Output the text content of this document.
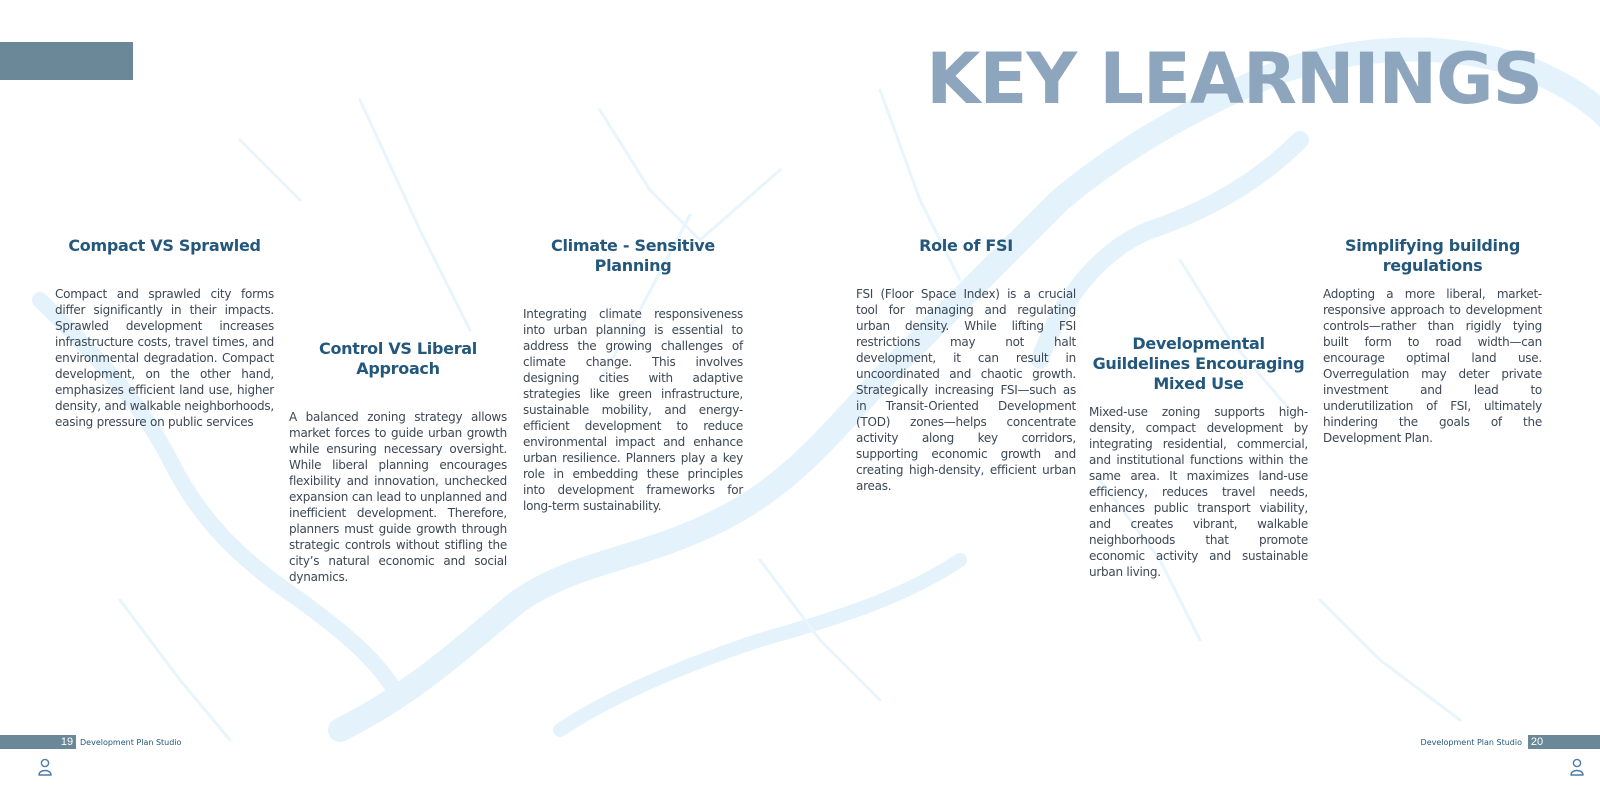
KEY LEARNINGS
Compact VS Sprawled

Compact and sprawled city forms differ significantly in their impacts. Sprawled development increases infrastructure costs, travel times, and environmental degradation. Compact development, on the other hand, emphasizes efficient land use, higher density, and walkable neighborhoods, easing pressure on public services

Control VS Liberal Approach

A balanced zoning strategy allows market forces to guide urban growth while ensuring necessary oversight. While liberal planning encourages flexibility and innovation, unchecked expansion can lead to unplanned and inefficient development. Therefore, planners must guide growth through strategic controls without stifling the city’s natural economic and social dynamics.

Climate - Sensitive Planning

Integrating climate responsiveness into urban planning is essential to address the growing challenges of climate change. This involves designing cities with adaptive strategies like green infrastructure, sustainable mobility, and energy-efficient development to reduce environmental impact and enhance urban resilience. Planners play a key role in embedding these principles into development frameworks for long-term sustainability.

Role of FSI

FSI (Floor Space Index) is a crucial tool for managing and regulating urban density. While lifting FSI restrictions may not halt development, it can result in uncoordinated and chaotic growth. Strategically increasing FSI—such as in Transit-Oriented Development (TOD) zones—helps concentrate activity along key corridors, supporting economic growth and creating high-density, efficient urban areas.

Developmental Guildelines Encouraging Mixed Use

Mixed-use zoning supports high-density, compact development by integrating residential, commercial, and institutional functions within the same area. It maximizes land-use efficiency, reduces travel needs, enhances public transport viability, and creates vibrant, walkable neighborhoods that promote economic activity and sustainable urban living.

Simplifying building regulations

Adopting a more liberal, market-responsive approach to development controls—rather than rigidly tying built form to road width—can encourage optimal land use. Overregulation may deter private investment and lead to underutilization of FSI, ultimately hindering the goals of the Development Plan.

19 Development Plan Studio	Development Plan Studio 20
